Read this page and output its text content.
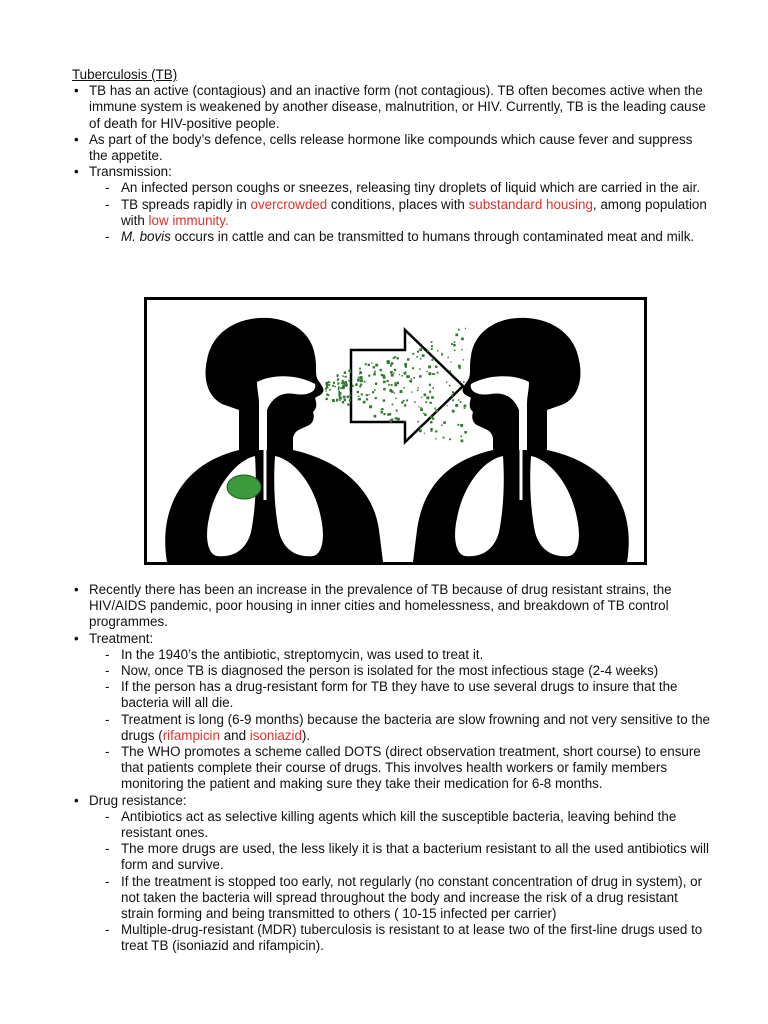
Tuberculosis (TB)

• TB has an active (contagious) and an inactive form (not contagious). TB often becomes active when the immune system is weakened by another disease, malnutrition, or HIV. Currently, TB is the leading cause of death for HIV-positive people.
• As part of the body’s defence, cells release hormone like compounds which cause fever and suppress the appetite.
• Transmission:
- An infected person coughs or sneezes, releasing tiny droplets of liquid which are carried in the air.
- TB spreads rapidly in overcrowded conditions, places with substandard housing, among population with low immunity.
- M. bovis occurs in cattle and can be transmitted to humans through contaminated meat and milk.
• Recently there has been an increase in the prevalence of TB because of drug resistant strains, the HIV/AIDS pandemic, poor housing in inner cities and homelessness, and breakdown of TB control programmes.
• Treatment:
- In the 1940’s the antibiotic, streptomycin, was used to treat it.
- Now, once TB is diagnosed the person is isolated for the most infectious stage (2-4 weeks)
- If the person has a drug-resistant form for TB they have to use several drugs to insure that the bacteria will all die.
- Treatment is long (6-9 months) because the bacteria are slow frowning and not very sensitive to the drugs (rifampicin and isoniazid).
- The WHO promotes a scheme called DOTS (direct observation treatment, short course) to ensure that patients complete their course of drugs. This involves health workers or family members monitoring the patient and making sure they take their medication for 6-8 months.
• Drug resistance:
- Antibiotics act as selective killing agents which kill the susceptible bacteria, leaving behind the resistant ones.
- The more drugs are used, the less likely it is that a bacterium resistant to all the used antibiotics will form and survive.
- If the treatment is stopped too early, not regularly (no constant concentration of drug in system), or not taken the bacteria will spread throughout the body and increase the risk of a drug resistant strain forming and being transmitted to others ( 10-15 infected per carrier)
- Multiple-drug-resistant (MDR) tuberculosis is resistant to at lease two of the first-line drugs used to treat TB (isoniazid and rifampicin).
